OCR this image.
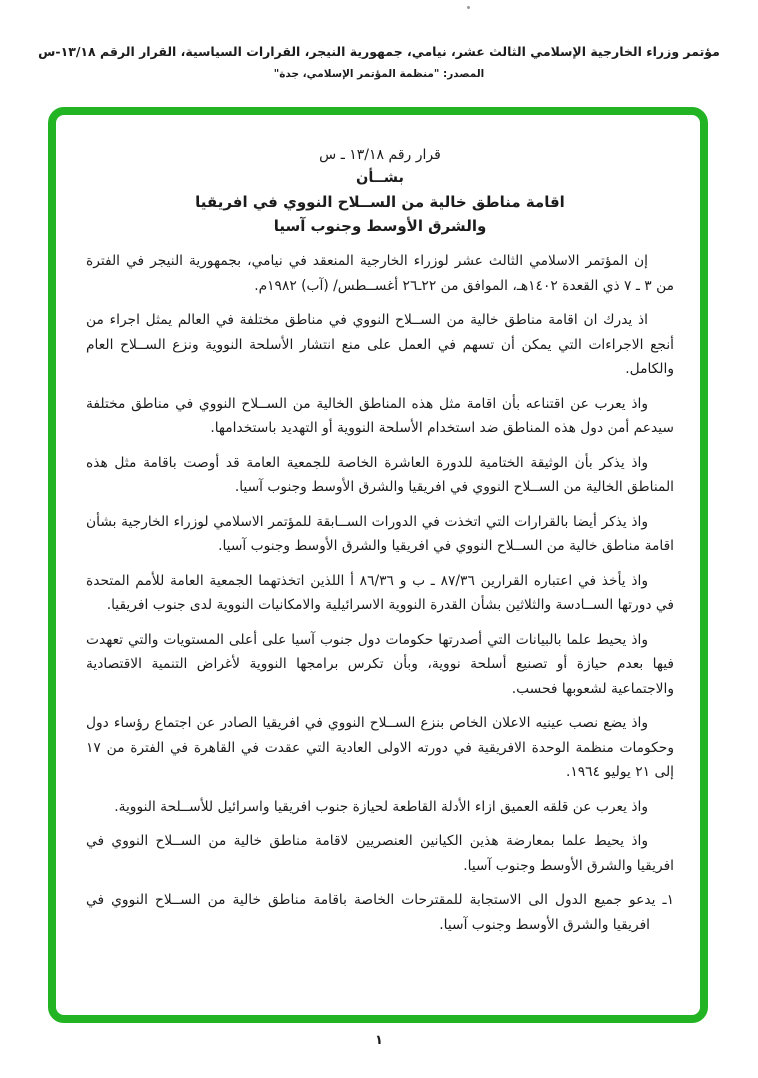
مؤتمر وزراء الخارجية الإسلامي الثالث عشر، نيامي، جمهورية النيجر، القرارات السياسية، القرار الرقم ١٣/١٨-س

المصدر: "منظمة المؤتمر الإسلامي، جدة"

قرار رقم ١٣/١٨ ـ س

بشــأن

اقامة مناطق خالية من الســلاح النووي في افريقيا

والشرق الأوسط وجنوب آسيا

إن المؤتمر الاسلامي الثالث عشر لوزراء الخارجية المنعقد في نيامي، بجمهورية النيجر في الفترة من ٣ ـ ٧ ذي القعدة ١٤٠٢هـ، الموافق من ٢٢ـ٢٦ أغســطس/ (آب) ١٩٨٢م.

اذ يدرك ان اقامة مناطق خالية من الســلاح النووي في مناطق مختلفة في العالم يمثل اجراء من أنجع الاجراءات التي يمكن أن تسهم في العمل على منع انتشار الأسلحة النووية ونزع الســلاح العام والكامل.

واذ يعرب عن اقتناعه بأن اقامة مثل هذه المناطق الخالية من الســلاح النووي في مناطق مختلفة سيدعم أمن دول هذه المناطق ضد استخدام الأسلحة النووية أو التهديد باستخدامها.

واذ يذكر بأن الوثيقة الختامية للدورة العاشرة الخاصة للجمعية العامة قد أوصت باقامة مثل هذه المناطق الخالية من الســلاح النووي في افريقيا والشرق الأوسط وجنوب آسيا.

واذ يذكر أيضا بالقرارات التي اتخذت في الدورات الســابقة للمؤتمر الاسلامي لوزراء الخارجية بشأن اقامة مناطق خالية من الســلاح النووي في افريقيا والشرق الأوسط وجنوب آسيا.

واذ يأخذ في اعتباره القرارين ٨٧/٣٦ ـ ب و ٨٦/٣٦ أ اللذين اتخذتهما الجمعية العامة للأمم المتحدة في دورتها الســادسة والثلاثين بشأن القدرة النووية الاسرائيلية والامكانيات النووية لدى جنوب افريقيا.

واذ يحيط علما بالبيانات التي أصدرتها حكومات دول جنوب آسيا على أعلى المستويات والتي تعهدت فيها بعدم حيازة أو تصنيع أسلحة نووية، وبأن تكرس برامجها النووية لأغراض التنمية الاقتصادية والاجتماعية لشعوبها فحسب.

واذ يضع نصب عينيه الاعلان الخاص بنزع الســلاح النووي في افريقيا الصادر عن اجتماع رؤساء دول وحكومات منظمة الوحدة الافريقية في دورته الاولى العادية التي عقدت في القاهرة في الفترة من ١٧ إلى ٢١ يوليو ١٩٦٤.

واذ يعرب عن قلقه العميق ازاء الأدلة القاطعة لحيازة جنوب افريقيا واسرائيل للأســلحة النووية.

واذ يحيط علما بمعارضة هذين الكيانين العنصريين لاقامة مناطق خالية من الســلاح النووي في افريقيا والشرق الأوسط وجنوب آسيا.

١ـ يدعو جميع الدول الى الاستجابة للمقترحات الخاصة باقامة مناطق خالية من الســلاح النووي في افريقيا والشرق الأوسط وجنوب آسيا.

١
